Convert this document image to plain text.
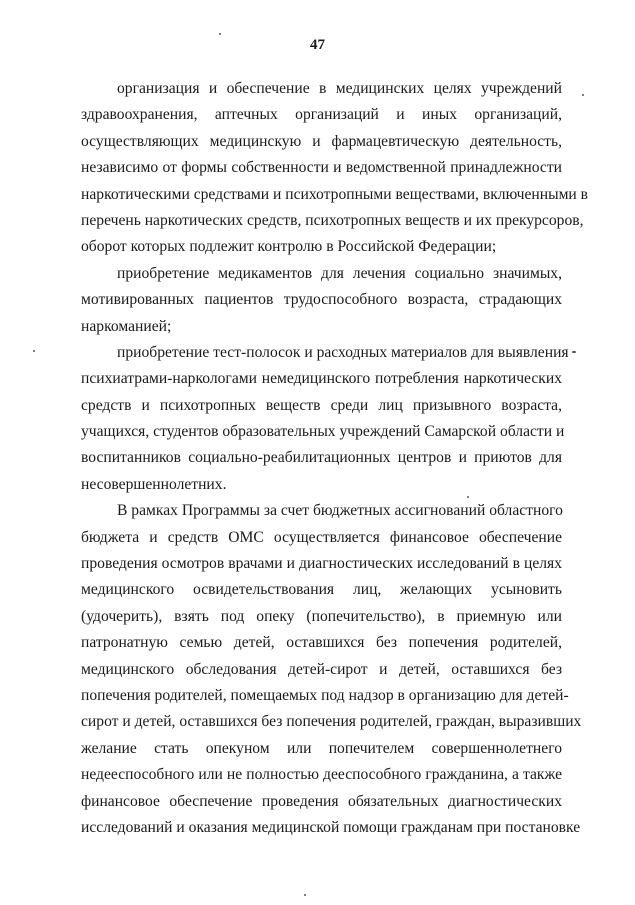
47

организация и обеспечение в медицинских целях учреждений
здравоохранения, аптечных организаций и иных организаций,
осуществляющих медицинскую и фармацевтическую деятельность,
независимо от формы собственности и ведомственной принадлежности
наркотическими средствами и психотропными веществами, включенными в
перечень наркотических средств, психотропных веществ и их прекурсоров,
оборот которых подлежит контролю в Российской Федерации;

приобретение медикаментов для лечения социально значимых,
мотивированных пациентов трудоспособного возраста, страдающих
наркоманией;

приобретение тест-полосок и расходных материалов для выявления
психиатрами-наркологами немедицинского потребления наркотических
средств и психотропных веществ среди лиц призывного возраста,
учащихся, студентов образовательных учреждений Самарской области и
воспитанников социально-реабилитационных центров и приютов для
несовершеннолетних.

В рамках Программы за счет бюджетных ассигнований областного
бюджета и средств ОМС осуществляется финансовое обеспечение
проведения осмотров врачами и диагностических исследований в целях
медицинского освидетельствования лиц, желающих усыновить
(удочерить), взять под опеку (попечительство), в приемную или
патронатную семью детей, оставшихся без попечения родителей,
медицинского обследования детей-сирот и детей, оставшихся без
попечения родителей, помещаемых под надзор в организацию для детей-
сирот и детей, оставшихся без попечения родителей, граждан, выразивших
желание стать опекуном или попечителем совершеннолетнего
недееспособного или не полностью дееспособного гражданина, а также
финансовое обеспечение проведения обязательных диагностических
исследований и оказания медицинской помощи гражданам при постановке
